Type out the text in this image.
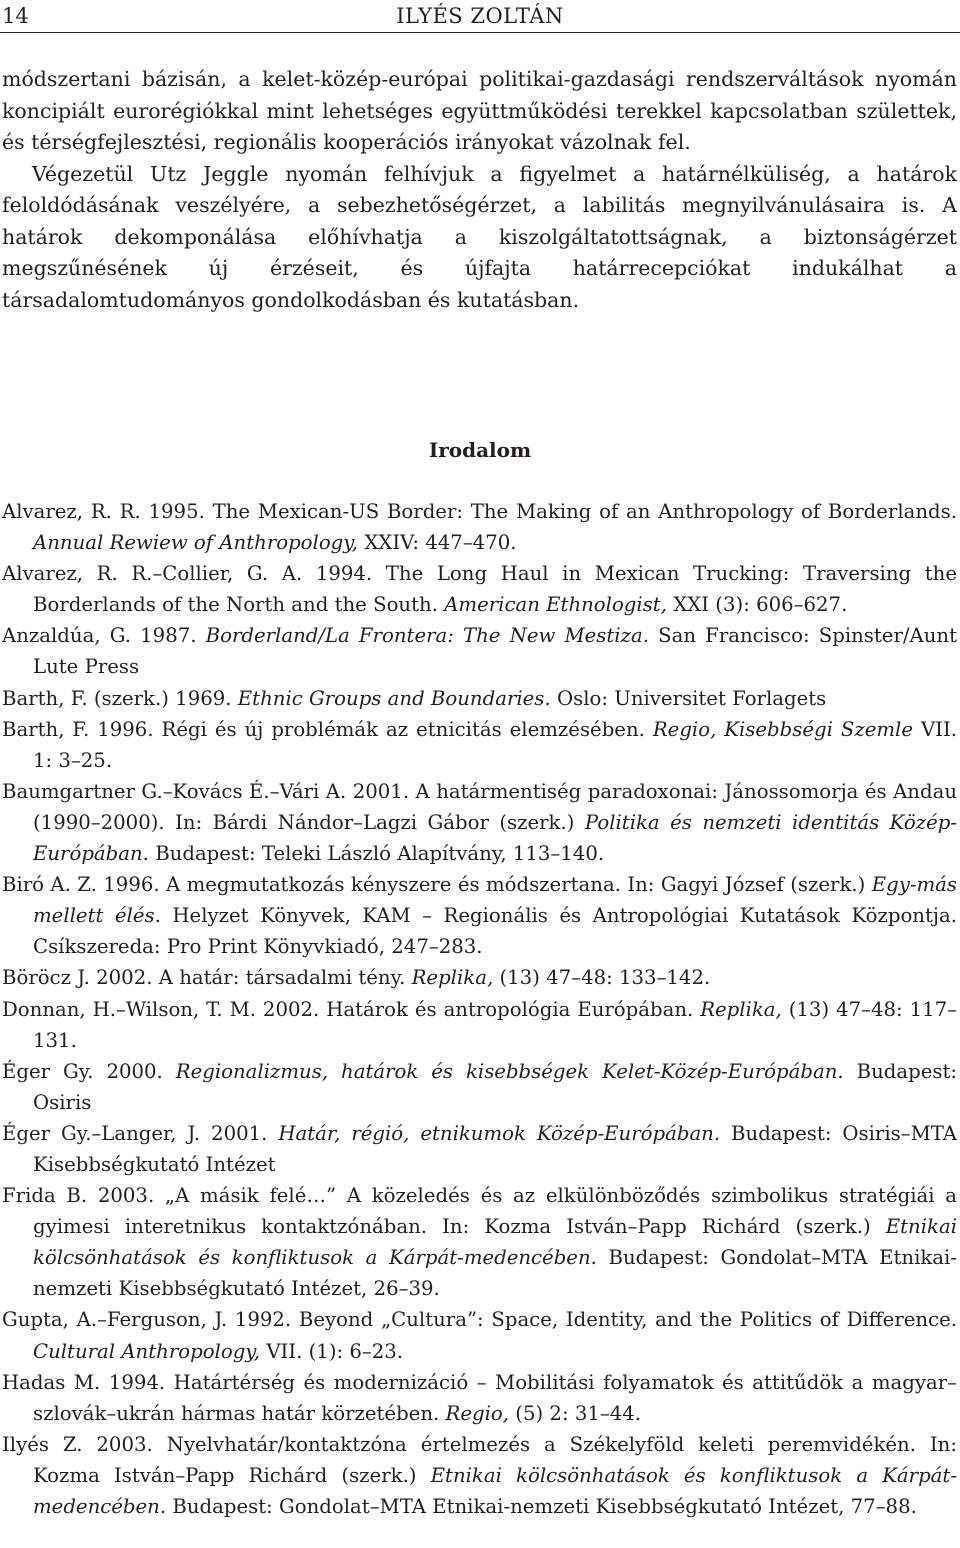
14	ILYÉS ZOLTÁN

módszertani bázisán, a kelet-közép-európai politikai-gazdasági rendszerváltások nyomán koncipiált eurorégiókkal mint lehetséges együttműködési terekkel kapcsolatban születtek, és térségfejlesztési, regionális kooperációs irányokat vázolnak fel.

Végezetül Utz Jeggle nyomán felhívjuk a figyelmet a határnélküliség, a határok feloldódásának veszélyére, a sebezhetőségérzet, a labilitás megnyilvánulásaira is. A határok dekomponálása előhívhatja a kiszolgáltatottságnak, a biztonságérzet megszűnésének új érzéseit, és újfajta határrecepciókat indukálhat a társadalomtudományos gondolkodásban és kutatásban.

Irodalom

Alvarez, R. R. 1995. The Mexican-US Border: The Making of an Anthropology of Borderlands. Annual Rewiew of Anthropology, XXIV: 447–470.

Alvarez, R. R.–Collier, G. A. 1994. The Long Haul in Mexican Trucking: Traversing the Borderlands of the North and the South. American Ethnologist, XXI (3): 606–627.

Anzaldúa, G. 1987. Borderland/La Frontera: The New Mestiza. San Francisco: Spinster/Aunt Lute Press

Barth, F. (szerk.) 1969. Ethnic Groups and Boundaries. Oslo: Universitet Forlagets

Barth, F. 1996. Régi és új problémák az etnicitás elemzésében. Regio, Kisebbségi Szemle VII. 1: 3–25.

Baumgartner G.–Kovács É.–Vári A. 2001. A határmentiség paradoxonai: Jánossomorja és Andau (1990–2000). In: Bárdi Nándor–Lagzi Gábor (szerk.) Politika és nemzeti identitás Közép-Európában. Budapest: Teleki László Alapítvány, 113–140.

Biró A. Z. 1996. A megmutatkozás kényszere és módszertana. In: Gagyi József (szerk.) Egy-más mellett élés. Helyzet Könyvek, KAM – Regionális és Antropológiai Kutatások Központja. Csíkszereda: Pro Print Könyvkiadó, 247–283.

Böröcz J. 2002. A határ: társadalmi tény. Replika, (13) 47–48: 133–142.

Donnan, H.–Wilson, T. M. 2002. Határok és antropológia Európában. Replika, (13) 47–48: 117–131.

Éger Gy. 2000. Regionalizmus, határok és kisebbségek Kelet-Közép-Európában. Budapest: Osiris

Éger Gy.–Langer, J. 2001. Határ, régió, etnikumok Közép-Európában. Budapest: Osiris–MTA Kisebbségkutató Intézet

Frida B. 2003. „A másik felé…” A közeledés és az elkülönböződés szimbolikus stratégiái a gyimesi interetnikus kontaktzónában. In: Kozma István–Papp Richárd (szerk.) Etnikai kölcsönhatások és konfliktusok a Kárpát-medencében. Budapest: Gondolat–MTA Etnikai-nemzeti Kisebbségkutató Intézet, 26–39.

Gupta, A.–Ferguson, J. 1992. Beyond „Cultura”: Space, Identity, and the Politics of Difference. Cultural Anthropology, VII. (1): 6–23.

Hadas M. 1994. Határtérség és modernizáció – Mobilitási folyamatok és attitűdök a magyar–szlovák–ukrán hármas határ körzetében. Regio, (5) 2: 31–44.

Ilyés Z. 2003. Nyelvhatár/kontaktzóna értelmezés a Székelyföld keleti peremvidékén. In: Kozma István–Papp Richárd (szerk.) Etnikai kölcsönhatások és konfliktusok a Kárpát-medencében. Budapest: Gondolat–MTA Etnikai-nemzeti Kisebbségkutató Intézet, 77–88.
